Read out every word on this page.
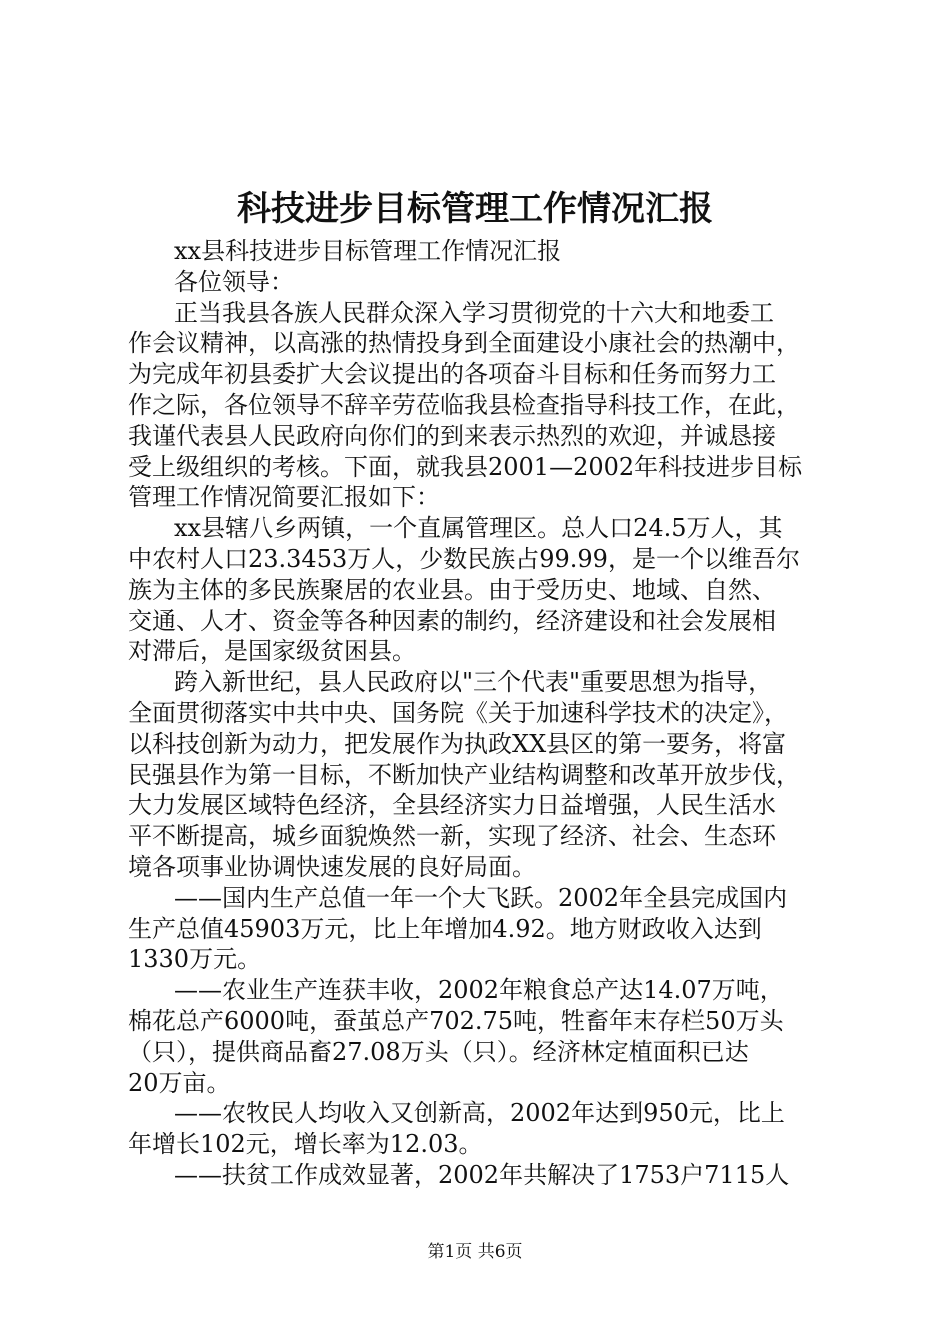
科技进步目标管理工作情况汇报
xx县科技进步目标管理工作情况汇报
各位领导：
正当我县各族人民群众深入学习贯彻党的十六大和地委工
作会议精神，以高涨的热情投身到全面建设小康社会的热潮中，
为完成年初县委扩大会议提出的各项奋斗目标和任务而努力工
作之际，各位领导不辞辛劳莅临我县检查指导科技工作，在此，
我谨代表县人民政府向你们的到来表示热烈的欢迎，并诚恳接
受上级组织的考核。下面，就我县2001—2002年科技进步目标
管理工作情况简要汇报如下：
xx县辖八乡两镇，一个直属管理区。总人口24.5万人，其
中农村人口23.3453万人，少数民族占99.99，是一个以维吾尔
族为主体的多民族聚居的农业县。由于受历史、地域、自然、
交通、人才、资金等各种因素的制约，经济建设和社会发展相
对滞后，是国家级贫困县。
跨入新世纪，县人民政府以"三个代表"重要思想为指导，
全面贯彻落实中共中央、国务院《关于加速科学技术的决定》，
以科技创新为动力，把发展作为执政XX县区的第一要务，将富
民强县作为第一目标，不断加快产业结构调整和改革开放步伐，
大力发展区域特色经济，全县经济实力日益增强，人民生活水
平不断提高，城乡面貌焕然一新，实现了经济、社会、生态环
境各项事业协调快速发展的良好局面。
——国内生产总值一年一个大飞跃。2002年全县完成国内
生产总值45903万元，比上年增加4.92。地方财政收入达到
1330万元。
——农业生产连获丰收，2002年粮食总产达14.07万吨，
棉花总产6000吨，蚕茧总产702.75吨，牲畜年末存栏50万头
（只），提供商品畜27.08万头（只）。经济林定植面积已达
20万亩。
——农牧民人均收入又创新高，2002年达到950元，比上
年增长102元，增长率为12.03。
——扶贫工作成效显著，2002年共解决了1753户7115人
第1页 共6页
